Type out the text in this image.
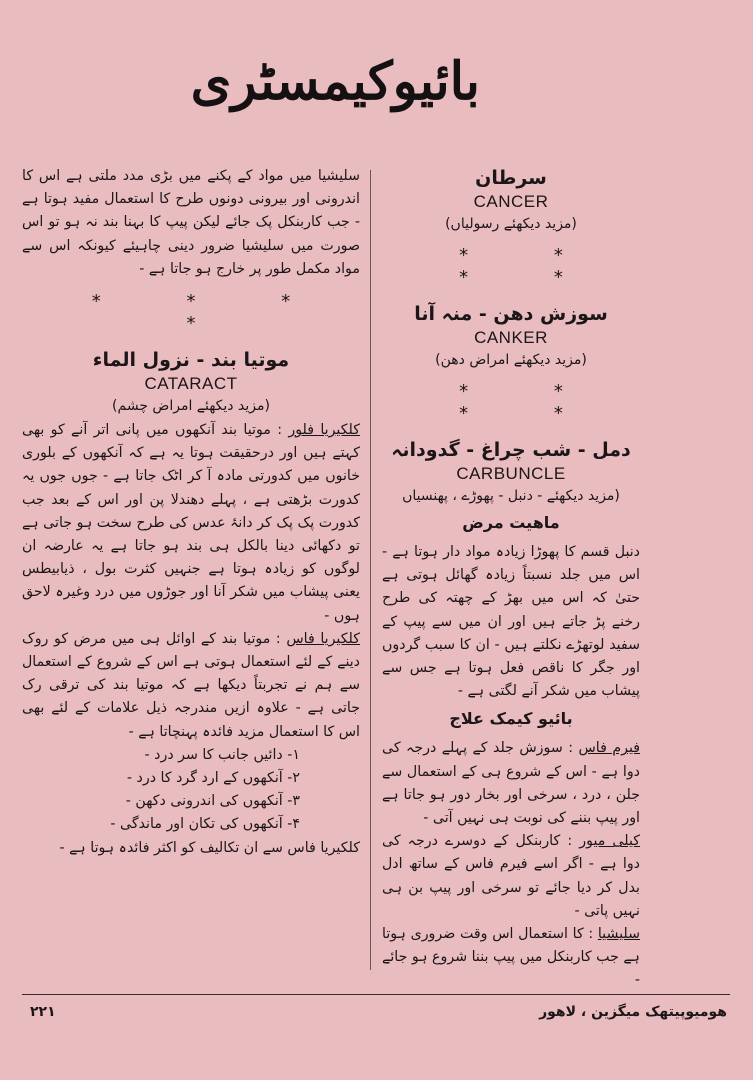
بائیوکیمسٹری

سرطان

CANCER

(مزید دیکھئے رسولیاں)

* * * *

سوزش دھن - منہ آنا

CANKER

(مزید دیکھئے امراض دھن)

* * * *

دمل - شب چراغ - گدودانہ

CARBUNCLE

(مزید دیکھئے - دنبل - پھوڑے ، پھنسیاں

ماھیت مرض

دنبل قسم کا پھوڑا زیادہ مواد دار ہوتا ہے - اس میں جلد نسبتاً زیادہ گھائل ہوتی ہے حتیٰ کہ اس میں بھڑ کے چھتہ کی طرح رخنے پڑ جاتے ہیں اور ان میں سے پیپ کے سفید لوتھڑے نکلتے ہیں - ان کا سبب گردوں اور جگر کا ناقص فعل ہوتا ہے جس سے پیشاب میں شکر آنے لگتی ہے -

بائیو کیمک علاج

فیرم فاس : سوزش جلد کے پہلے درجہ کی دوا ہے - اس کے شروع ہی کے استعمال سے جلن ، درد ، سرخی اور بخار دور ہو جاتا ہے اور پیپ بننے کی نوبت ہی نہیں آتی -

کیلی میور : کاربنکل کے دوسرے درجہ کی دوا ہے - اگر اسے فیرم فاس کے ساتھ ادل بدل کر دیا جائے تو سرخی اور پیپ بن ہی نہیں پاتی -

سلیشیا : کا استعمال اس وقت ضروری ہوتا ہے جب کاربنکل میں پیپ بننا شروع ہو جائے -

سلیشیا میں مواد کے پکنے میں بڑی مدد ملتی ہے اس کا اندرونی اور بیرونی دونوں طرح کا استعمال مفید ہوتا ہے - جب کاربنکل پک جائے لیکن پیپ کا بہنا بند نہ ہو تو اس صورت میں سلیشیا ضرور دینی چاہیئے کیونکہ اس سے مواد مکمل طور پر خارج ہو جاتا ہے -

* * * *

موتیا بند - نزول الماء

CATARACT

(مزید دیکھئے امراض چشم)

کلکیریا فلور : موتیا بند آنکھوں میں پانی اتر آنے کو بھی کہتے ہیں اور درحقیقت ہوتا یہ ہے کہ آنکھوں کے بلوری خانوں میں کدورتی مادہ آ کر اٹک جاتا ہے - جوں جوں یہ کدورت بڑھتی ہے ، پہلے دھندلا پن اور اس کے بعد جب کدورت پک پک کر دانۂ عدس کی طرح سخت ہو جاتی ہے تو دکھائی دینا بالکل ہی بند ہو جاتا ہے یہ عارضہ ان لوگوں کو زیادہ ہوتا ہے جنہیں کثرت بول ، ذیابیطس یعنی پیشاب میں شکر آنا اور جوڑوں میں درد وغیرہ لاحق ہوں -

کلکیریا فاس : موتیا بند کے اوائل ہی میں مرض کو روک دینے کے لئے استعمال ہوتی ہے اس کے شروع کے استعمال سے ہم نے تجربتاً دیکھا ہے کہ موتیا بند کی ترقی رک جاتی ہے - علاوہ ازیں مندرجہ ذیل علامات کے لئے بھی اس کا استعمال مزید فائدہ پہنچاتا ہے -

۱- دائیں جانب کا سر درد -

۲- آنکھوں کے ارد گرد کا درد -

۳- آنکھوں کی اندرونی دکھن -

۴- آنکھوں کی تکان اور ماندگی -

کلکیریا فاس سے ان تکالیف کو اکثر فائدہ ہوتا ہے -

ھومیوپیتھک میگزین ، لاھور
۲۲۱
